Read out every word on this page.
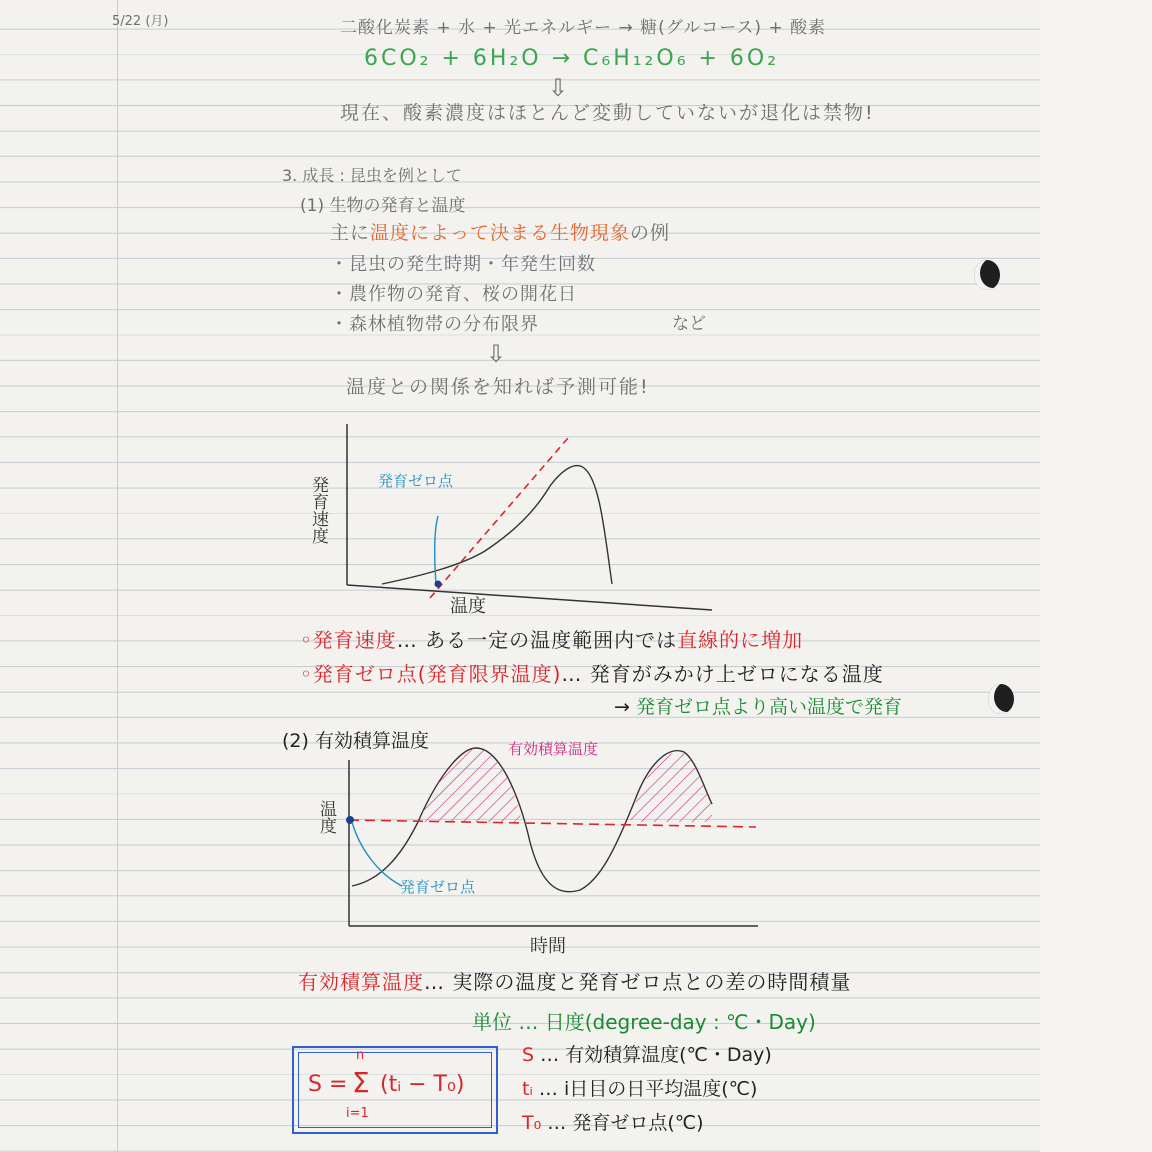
5/22 (月)	二酸化炭素 + 水 + 光エネルギー → 糖(グルコース) + 酸素
6CO₂ + 6H₂O → C₆H₁₂O₆ + 6O₂
⇩
現在、酸素濃度はほとんど変動していないが退化は禁物!
3. 成長 : 昆虫を例として
(1) 生物の発育と温度
主に温度によって決まる生物現象の例
・昆虫の発生時期・年発生回数
・農作物の発育、桜の開花日
・森林植物帯の分布限界	など
⇩
温度との関係を知れば予測可能!
発育速度
温度
発育ゼロ点
◦発育速度… ある一定の温度範囲内では直線的に増加
◦発育ゼロ点(発育限界温度)… 発育がみかけ上ゼロになる温度
→ 発育ゼロ点より高い温度で発育
(2) 有効積算温度
温度
時間
有効積算温度
発育ゼロ点
有効積算温度… 実際の温度と発育ゼロ点との差の時間積量
単位 … 日度(degree-day : ℃・Day)
S = Σ
n
i=1
(tᵢ − T₀)
S … 有効積算温度(℃・Day)
tᵢ … i日目の日平均温度(℃)
T₀ … 発育ゼロ点(℃)
